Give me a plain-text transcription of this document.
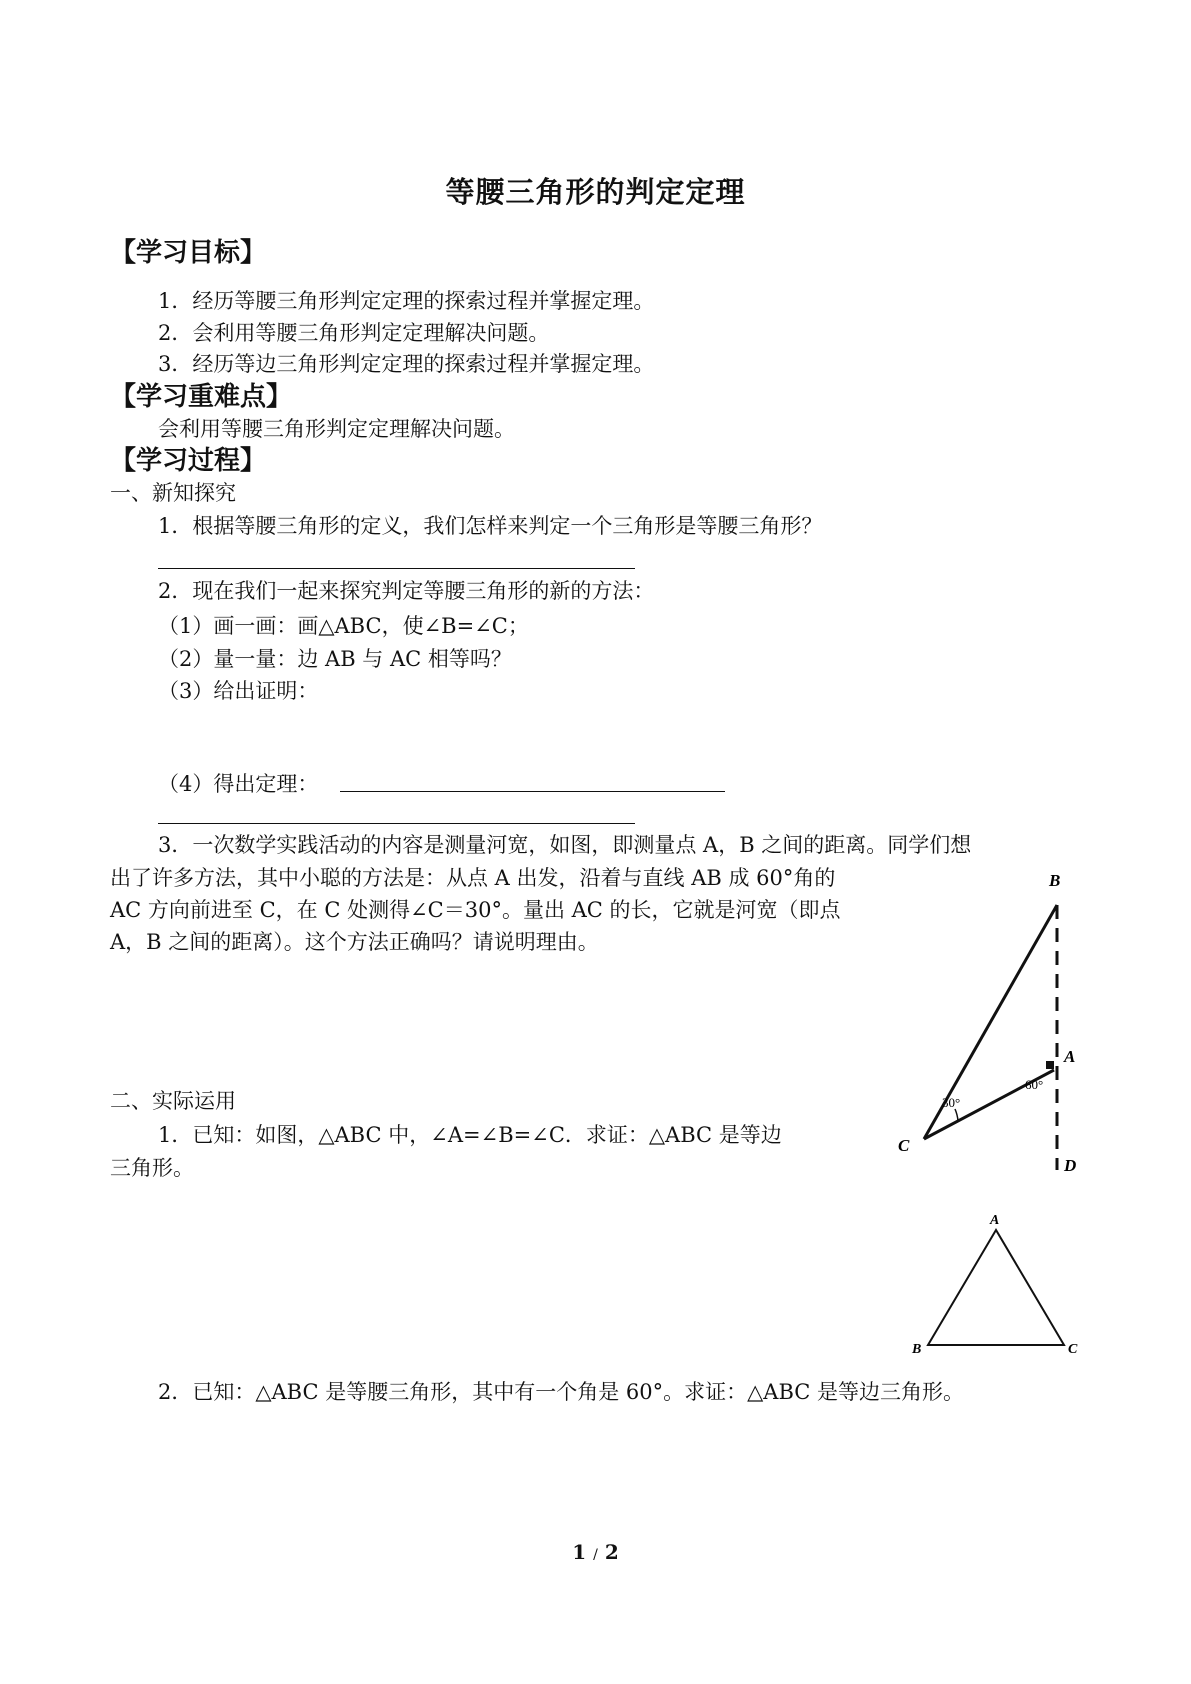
等腰三角形的判定定理
【学习目标】
1．经历等腰三角形判定定理的探索过程并掌握定理。
2．会利用等腰三角形判定定理解决问题。
3．经历等边三角形判定定理的探索过程并掌握定理。
【学习重难点】
会利用等腰三角形判定定理解决问题。
【学习过程】
一、新知探究
1．根据等腰三角形的定义，我们怎样来判定一个三角形是等腰三角形？
2．现在我们一起来探究判定等腰三角形的新的方法：
（1）画一画：画△ABC，使∠B=∠C；
（2）量一量：边 AB 与 AC 相等吗？
（3）给出证明：
（4）得出定理：
3．一次数学实践活动的内容是测量河宽，如图，即测量点 A，B 之间的距离。同学们想
出了许多方法，其中小聪的方法是：从点 A 出发，沿着与直线 AB 成 60°角的 AC 方向前进至 C，在 C 处测得∠C＝30°。量出 AC 的长，它就是河宽（即点 A，B 之间的距离）。这个方法正确吗？请说明理由。
二、实际运用
1．已知：如图，△ABC 中，∠A=∠B=∠C．求证：△ABC 是等边
三角形。
2．已知：△ABC 是等腰三角形，其中有一个角是 60°。求证：△ABC 是等边三角形。
B
A
C
D
30°
60°
A
B	C
1 / 2
